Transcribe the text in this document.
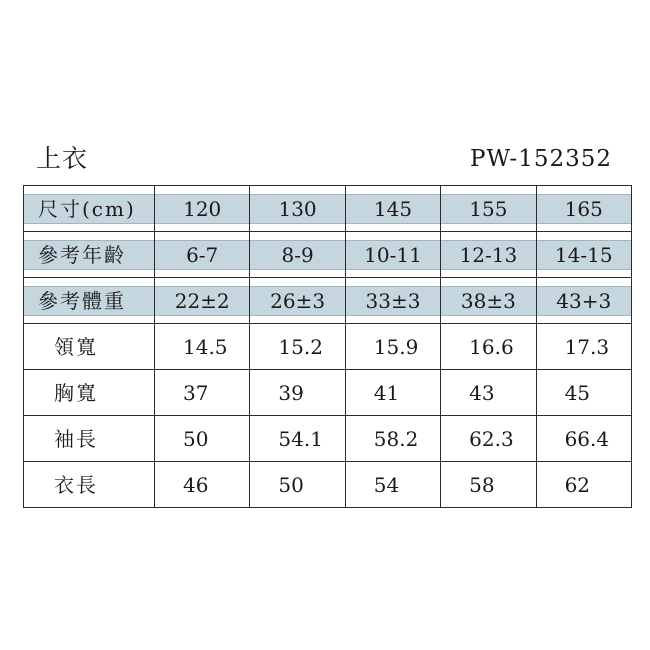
上衣	PW-152352
尺寸(cm)	120	130	145	155	165

參考年齡	6-7	8-9	10-11	12-13	14-15

參考體重	22±2	26±3	33±3	38±3	43+3

領寬	14.5	15.2	15.9	16.6	17.3
胸寬	37	39	41	43	45
袖長	50	54.1	58.2	62.3	66.4
衣長	46	50	54	58	62
